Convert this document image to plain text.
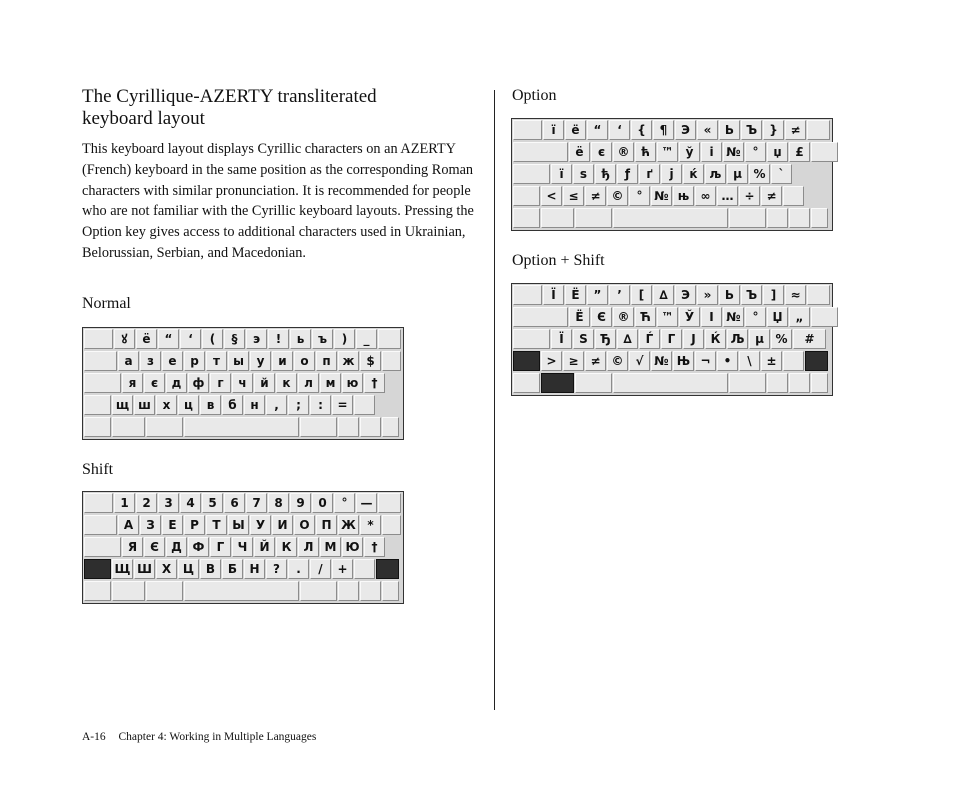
The Cyrillique-AZERTY transliterated
keyboard layout

This keyboard layout displays Cyrillic characters on an AZERTY (French) keyboard in the same position as the corresponding Roman characters with similar pronunciation. It is recommended for people who are not familiar with the Cyrillic keyboard layouts. Pressing the Option key gives access to additional characters used in Ukrainian, Belorussian, Serbian, and Macedonian.

Normal
ꙋ	ё	“	‘	(	§	э	!	ь	ъ	)	_
а	з	е	р	т	ы	у	и	о	п ж $
я	є	д ф	г	ч	й	к	л	м ю	†
щ ш х	ц	в	б	н	,	;	:	=
Shift
1	2	3	4	5	6	7	8	9	0	°	—
А	З	Е	Р	Т Ы У	И О П Ж *
Я	Є	Д Ф	Г	Ч	Й	К	Л М Ю †
Щ Ш Х Ц В	Б	Н	?	.	/	+
Option
ї	ë	“	‘	{	¶	Э	«	Ь Ъ	}	≠
ё	є	® ћ ™	ў	і	№ °	џ	£
ї	ѕ	ђ	ƒ	ґ	ј	ќ љ µ %	`
< ≤ ≠ ©	° № њ ∞ … ÷ ≠
Option + Shift
Ї	Ë	”	’	[	∆	Э	»	Ь Ъ	]	≈
Ё	Є ® Ћ ™ Ў	І	№ °	Џ	„
Ї	Ѕ	Ђ	∆	Ѓ	Г	Ј	Ќ Љ µ %	#
> ≥ ≠ © √ № Њ ¬	•	\	±
A-16 Chapter 4: Working in Multiple Languages
